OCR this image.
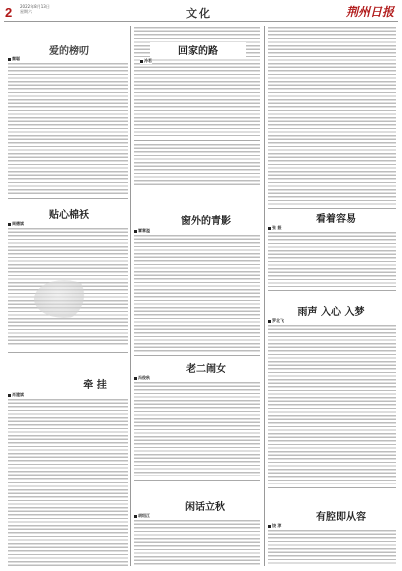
2 2022年8月13日
星期六	文化	荆州日报
爱的榜叨
秦聪
贴心棉袄
周德斌
牵 挂
肖建斌
回家的路
冷若
窗外的青影
覃章溢
老二闹女
冯俊秋
闲话立秋
胡绍江
看着容易
张 振
雨声 入心 入梦
罗北飞
有腔即从容
饶 淳
